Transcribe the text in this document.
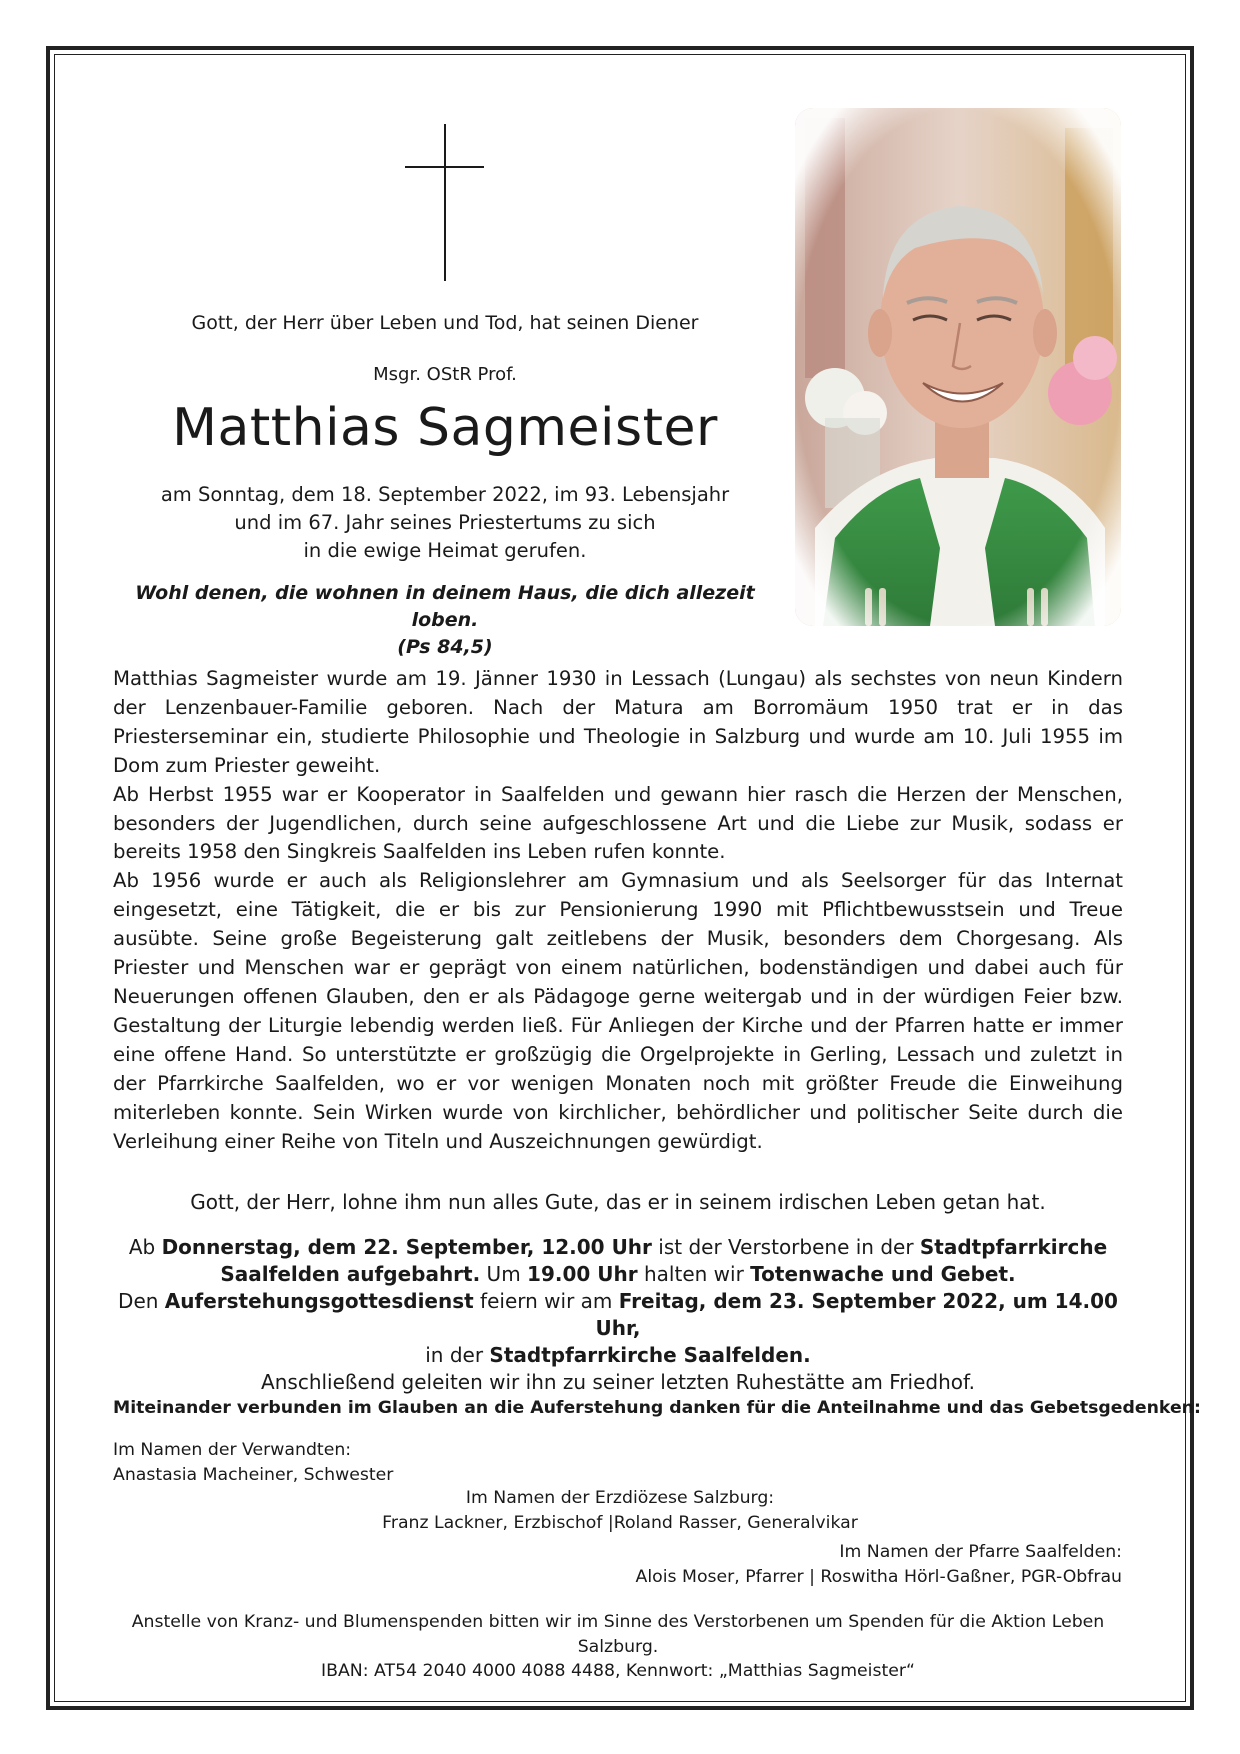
Gott, der Herr über Leben und Tod, hat seinen Diener
Msgr. OStR Prof.
Matthias Sagmeister
am Sonntag, dem 18. September 2022, im 93. Lebensjahr
und im 67. Jahr seines Priestertums zu sich
in die ewige Heimat gerufen.
Wohl denen, die wohnen in deinem Haus, die dich allezeit loben.
(Ps 84,5)

Matthias Sagmeister wurde am 19. Jänner 1930 in Lessach (Lungau) als sechstes von neun Kindern der Lenzenbauer-Familie geboren. Nach der Matura am Borromäum 1950 trat er in das Priesterseminar ein, studierte Philosophie und Theologie in Salzburg und wurde am 10. Juli 1955 im Dom zum Priester geweiht.

Ab Herbst 1955 war er Kooperator in Saalfelden und gewann hier rasch die Herzen der Menschen, besonders der Jugendlichen, durch seine aufgeschlossene Art und die Liebe zur Musik, sodass er bereits 1958 den Singkreis Saalfelden ins Leben rufen konnte.

Ab 1956 wurde er auch als Religionslehrer am Gymnasium und als Seelsorger für das Internat eingesetzt, eine Tätigkeit, die er bis zur Pensionierung 1990 mit Pflichtbewusstsein und Treue ausübte. Seine große Begeisterung galt zeitlebens der Musik, besonders dem Chorgesang. Als Priester und Menschen war er geprägt von einem natürlichen, bodenständigen und dabei auch für Neuerungen offenen Glauben, den er als Pädagoge gerne weitergab und in der würdigen Feier bzw. Gestaltung der Liturgie lebendig werden ließ. Für Anliegen der Kirche und der Pfarren hatte er immer eine offene Hand. So unterstützte er großzügig die Orgelprojekte in Gerling, Lessach und zuletzt in der Pfarrkirche Saalfelden, wo er vor wenigen Monaten noch mit größter Freude die Einweihung miterleben konnte. Sein Wirken wurde von kirchlicher, behördlicher und politischer Seite durch die Verleihung einer Reihe von Titeln und Auszeichnungen gewürdigt.

Gott, der Herr, lohne ihm nun alles Gute, das er in seinem irdischen Leben getan hat.
Ab Donnerstag, dem 22. September, 12.00 Uhr ist der Verstorbene in der Stadtpfarrkirche
Saalfelden aufgebahrt. Um 19.00 Uhr halten wir Totenwache und Gebet.
Den Auferstehungsgottesdienst feiern wir am Freitag, dem 23. September 2022, um 14.00 Uhr,
in der Stadtpfarrkirche Saalfelden.
Anschließend geleiten wir ihn zu seiner letzten Ruhestätte am Friedhof.
Miteinander verbunden im Glauben an die Auferstehung danken für die Anteilnahme und das Gebetsgedenken:
Im Namen der Verwandten:
Anastasia Macheiner, Schwester
Im Namen der Erzdiözese Salzburg:
Franz Lackner, Erzbischof |Roland Rasser, Generalvikar
Im Namen der Pfarre Saalfelden:
Alois Moser, Pfarrer | Roswitha Hörl-Gaßner, PGR-Obfrau
Anstelle von Kranz- und Blumenspenden bitten wir im Sinne des Verstorbenen um Spenden für die Aktion Leben Salzburg.
IBAN: AT54 2040 4000 4088 4488, Kennwort: „Matthias Sagmeister“
